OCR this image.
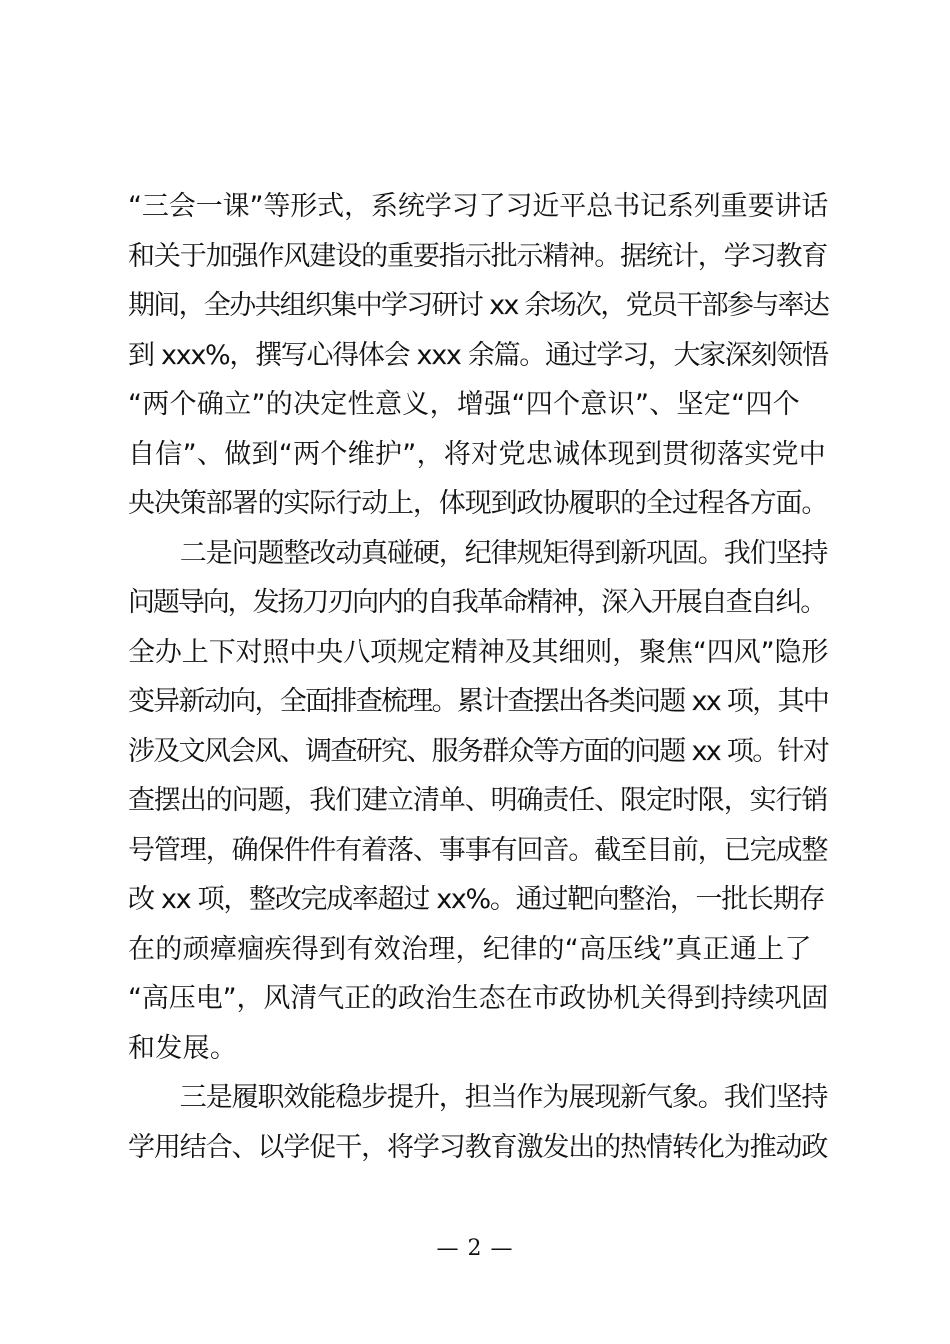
“三会一课”等形式，系统学习了习近平总书记系列重要讲话
和关于加强作风建设的重要指示批示精神。据统计，学习教育
期间，全办共组织集中学习研讨 xx 余场次，党员干部参与率达
到 xxx%，撰写心得体会 xxx 余篇。通过学习，大家深刻领悟
“两个确立”的决定性意义，增强“四个意识”、坚定“四个
自信”、做到“两个维护”，将对党忠诚体现到贯彻落实党中
央决策部署的实际行动上，体现到政协履职的全过程各方面。
　　二是问题整改动真碰硬，纪律规矩得到新巩固。我们坚持
问题导向，发扬刀刃向内的自我革命精神，深入开展自查自纠。
全办上下对照中央八项规定精神及其细则，聚焦“四风”隐形
变异新动向，全面排查梳理。累计查摆出各类问题 xx 项，其中
涉及文风会风、调查研究、服务群众等方面的问题 xx 项。针对
查摆出的问题，我们建立清单、明确责任、限定时限，实行销
号管理，确保件件有着落、事事有回音。截至目前，已完成整
改 xx 项，整改完成率超过 xx%。通过靶向整治，一批长期存
在的顽瘴痼疾得到有效治理，纪律的“高压线”真正通上了
“高压电”，风清气正的政治生态在市政协机关得到持续巩固
和发展。
　　三是履职效能稳步提升，担当作为展现新气象。我们坚持
学用结合、以学促干，将学习教育激发出的热情转化为推动政
— 2 —
